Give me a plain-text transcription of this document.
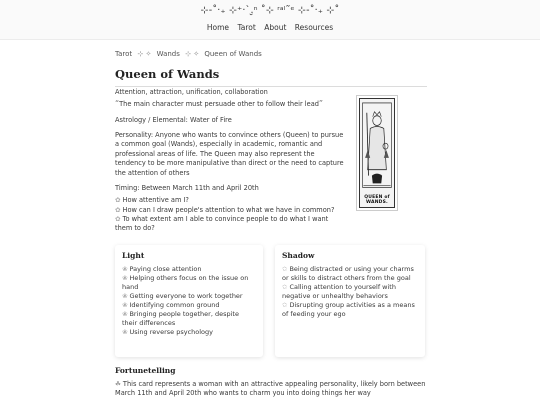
⊹-˚‧₊ ⊹⁺‧ˋ.̮ⁿ ˚⊹ ʳᵃˡ˜ᵉ ⊹-˚‧₊ ⊹˚
Home Tarot About Resources
Tarot ⊹ ✧ Wands ⊹ ✧ Queen of Wands
Queen of Wands

Attention, attraction, unification, collaboration

“The main character must persuade other to follow their lead”

Astrology / Elemental: Water of Fire

Personality: Anyone who wants to convince others (Queen) to pursue a common goal (Wands), especially in academic, romantic and professional areas of life. The Queen may also represent the tendency to be more manipulative than direct or the need to capture the attention of others

Timing: Between March 11th and April 20th

✿ How attentive am I?
✿ How can I draw people's attention to what we have in common?
✿ To what extent am I able to convince people to do what I want them to do?
QUEEN of WANDS.
Light
❀ Paying close attention
❀ Helping others focus on the issue on hand
❀ Getting everyone to work together
❀ Identifying common ground
❀ Bringing people together, despite their differences
❀ Using reverse psychology
Shadow
✩ Being distracted or using your charms or skills to distract others from the goal
✩ Calling attention to yourself with negative or unhealthy behaviors
✩ Disrupting group activities as a means of feeding your ego
Fortunetelling

☘ This card represents a woman with an attractive appealing personality, likely born between March 11th and April 20th who wants to charm you into doing things her way
